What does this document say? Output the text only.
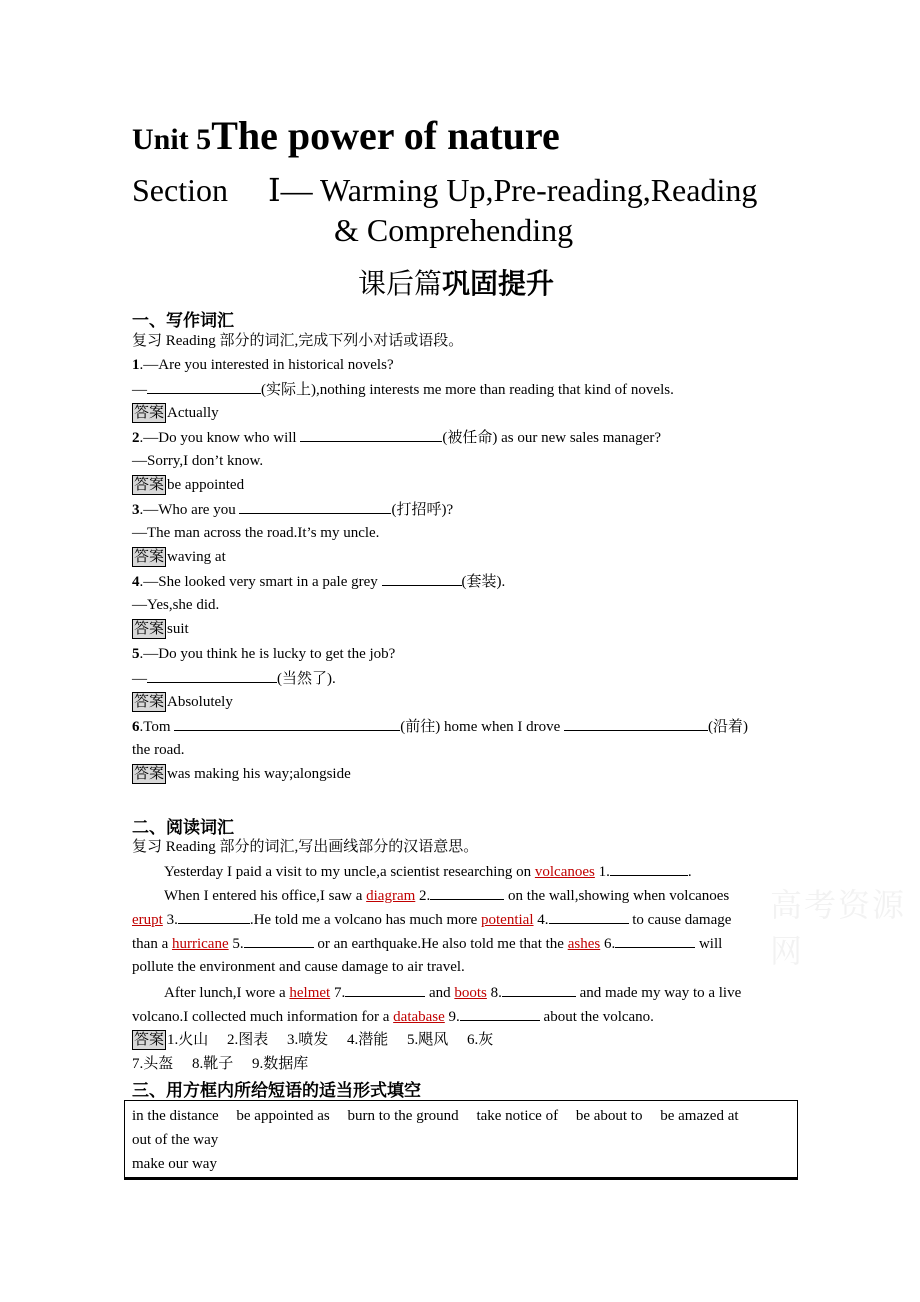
高考资源网
Unit 5The power of nature
Section 　Ⅰ— Warming Up,Pre-reading,Reading
& Comprehending
课后篇巩固提升
一、写作词汇
复习 Reading 部分的词汇,完成下列小对话或语段。
1.—Are you interested in historical novels?
—	(实际上),nothing interests me more than reading that kind of novels.
答案 Actually
2.—Do you know who will	(被任命) as our new sales manager?
—Sorry,I don’t know.
答案 be appointed
3.—Who are you	(打招呼)?
—The man across the road.It’s my uncle.
答案 waving at
4.—She looked very smart in a pale grey	(套装).
—Yes,she did.
答案 suit
5.—Do you think he is lucky to get the job?
—	(当然了).
答案 Absolutely
6.Tom	(前往) home when I drove	(沿着)
the road.
答案 was making his way;alongside
二、阅读词汇
复习 Reading 部分的词汇,写出画线部分的汉语意思。
Yesterday I paid a visit to my uncle,a scientist researching on volcanoes 1.	.
When I entered his office,I saw a diagram 2.	on the wall,showing when volcanoes
erupt 3.	.He told me a volcano has much more potential 4.	to cause damage
than a hurricane 5.	or an earthquake.He also told me that the ashes 6.	will
pollute the environment and cause damage to air travel.
After lunch,I wore a helmet 7.	and boots 8.	and made my way to a live
volcano.I collected much information for a database 9.	about the volcano.
答案 1.火山　 2.图表　 3.喷发　 4.潜能　 5.飓风　 6.灰
7.头盔　 8.靴子　 9.数据库
三、用方框内所给短语的适当形式填空
in the distance be appointed as burn to the ground take notice of be about to be amazed at
out of the way
make our way
